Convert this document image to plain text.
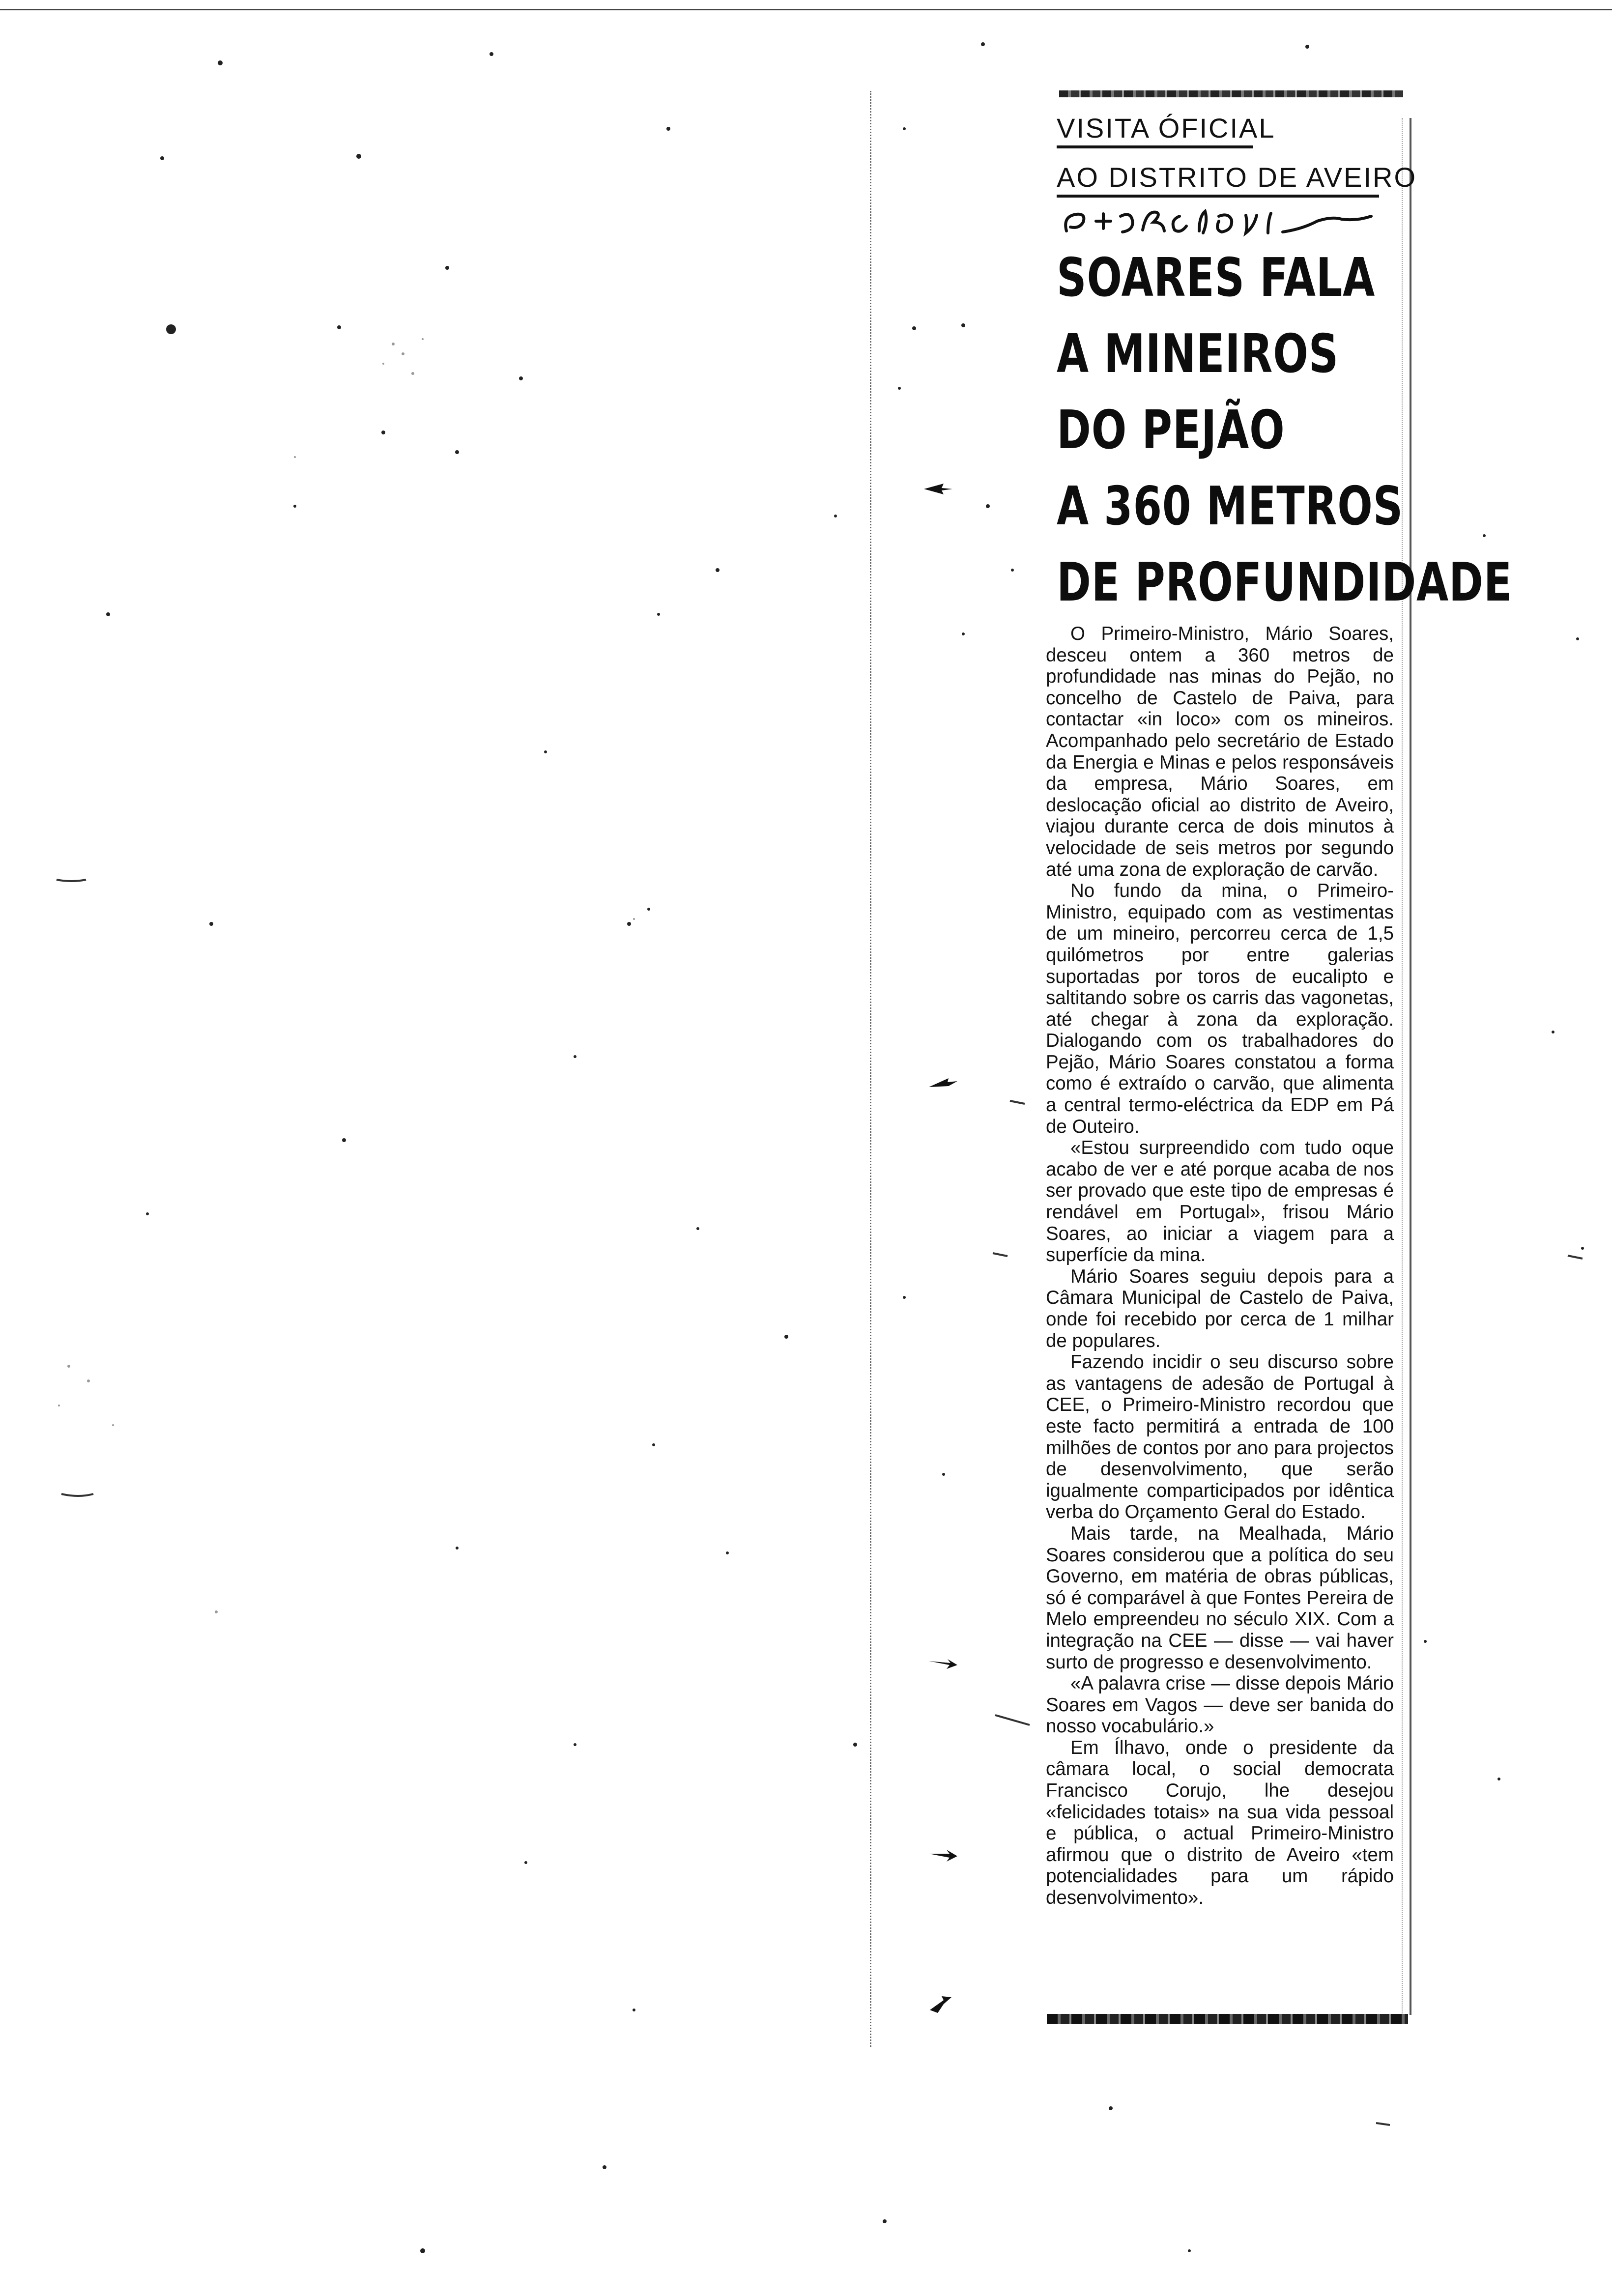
VISITA ÓFICIAL
AO DISTRITO DE AVEIRO
SOARES FALA
A MINEIROS
DO PEJÃO
A 360 METROS
DE PROFUNDIDADE

O Primeiro-Ministro, Mário Soares, desceu ontem a 360 metros de profundidade nas minas do Pejão, no concelho de Castelo de Paiva, para contactar «in loco» com os mineiros. Acompanhado pelo secretário de Estado da Energia e Minas e pelos responsáveis da empresa, Mário Soares, em deslocação oficial ao distrito de Aveiro, viajou durante cerca de dois minutos à velocidade de seis metros por segundo até uma zona de exploração de carvão.

No fundo da mina, o Primeiro-Ministro, equipado com as vestimentas de um mineiro, percorreu cerca de 1,5 quilómetros por entre galerias suportadas por toros de eucalipto e saltitando sobre os carris das vagonetas, até chegar à zona da exploração. Dialogando com os trabalhadores do Pejão, Mário Soares constatou a forma como é extraído o carvão, que alimenta a central termo-eléctrica da EDP em Pá de Outeiro.

«Estou surpreendido com tudo oque acabo de ver e até porque acaba de nos ser provado que este tipo de empresas é rendável em Portugal», frisou Mário Soares, ao iniciar a viagem para a superfície da mina.

Mário Soares seguiu depois para a Câmara Municipal de Castelo de Paiva, onde foi recebido por cerca de 1 milhar de populares.

Fazendo incidir o seu discurso sobre as vantagens de adesão de Portugal à CEE, o Primeiro-Ministro recordou que este facto permitirá a entrada de 100 milhões de contos por ano para projectos de desenvolvimento, que serão igualmente comparticipados por idêntica verba do Orçamento Geral do Estado.

Mais tarde, na Mealhada, Mário Soares considerou que a política do seu Governo, em matéria de obras públicas, só é comparável à que Fontes Pereira de Melo empreendeu no século XIX. Com a integração na CEE — disse — vai haver surto de progresso e desenvolvimento.

«A palavra crise — disse depois Mário Soares em Vagos — deve ser banida do nosso vocabulário.»

Em Ílhavo, onde o presidente da câmara local, o social democrata Francisco Corujo, lhe desejou «felicidades totais» na sua vida pessoal e pública, o actual Primeiro-Ministro afirmou que o distrito de Aveiro «tem potencialidades para um rápido desenvolvimento».
